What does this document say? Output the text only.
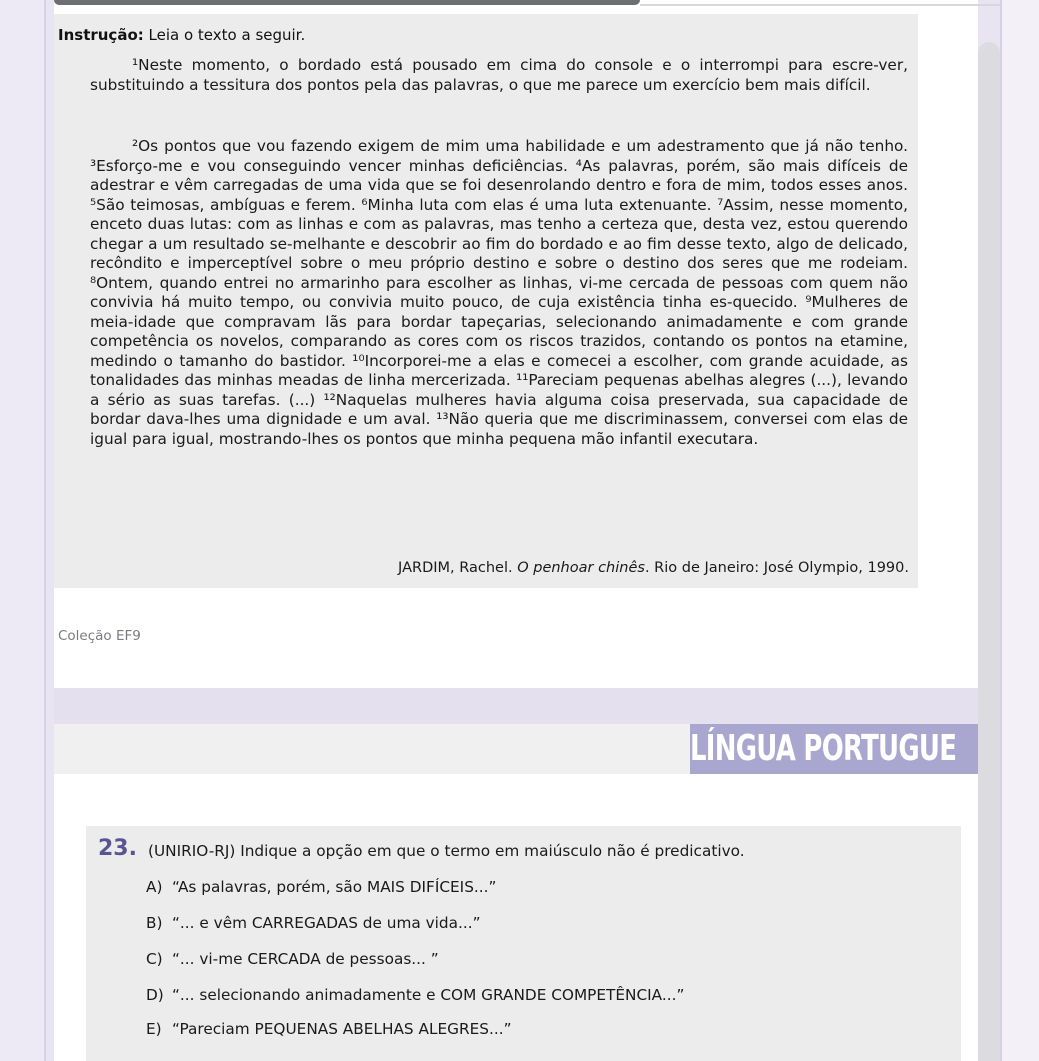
Instrução: Leia o texto a seguir.
¹Neste momento, o bordado está pousado em cima do console e o interrompi para escre-ver, substituindo a tessitura dos pontos pela das palavras, o que me parece um exercício bem mais difícil.
²Os pontos que vou fazendo exigem de mim uma habilidade e um adestramento que já não tenho. ³Esforço-me e vou conseguindo vencer minhas deficiências. ⁴As palavras, porém, são mais difíceis de adestrar e vêm carregadas de uma vida que se foi desenrolando dentro e fora de mim, todos esses anos. ⁵São teimosas, ambíguas e ferem. ⁶Minha luta com elas é uma luta extenuante. ⁷Assim, nesse momento, enceto duas lutas: com as linhas e com as palavras, mas tenho a certeza que, desta vez, estou querendo chegar a um resultado se-melhante e descobrir ao fim do bordado e ao fim desse texto, algo de delicado, recôndito e imperceptível sobre o meu próprio destino e sobre o destino dos seres que me rodeiam. ⁸Ontem, quando entrei no armarinho para escolher as linhas, vi-me cercada de pessoas com quem não convivia há muito tempo, ou convivia muito pouco, de cuja existência tinha es-quecido. ⁹Mulheres de meia-idade que compravam lãs para bordar tapeçarias, selecionando animadamente e com grande competência os novelos, comparando as cores com os riscos trazidos, contando os pontos na etamine, medindo o tamanho do bastidor. ¹⁰Incorporei-me a elas e comecei a escolher, com grande acuidade, as tonalidades das minhas meadas de linha mercerizada. ¹¹Pareciam pequenas abelhas alegres (...), levando a sério as suas tarefas. (...) ¹²Naquelas mulheres havia alguma coisa preservada, sua capacidade de bordar dava-lhes uma dignidade e um aval. ¹³Não queria que me discriminassem, conversei com elas de igual para igual, mostrando-lhes os pontos que minha pequena mão infantil executara.
JARDIM, Rachel. O penhoar chinês. Rio de Janeiro: José Olympio, 1990.
Coleção EF9
LÍNGUA PORTUGUE
23. (UNIRIO-RJ) Indique a opção em que o termo em maiúsculo não é predicativo.
A) “As palavras, porém, são MAIS DIFÍCEIS...”
B) “... e vêm CARREGADAS de uma vida...”
C) “... vi-me CERCADA de pessoas... ”
D) “... selecionando animadamente e COM GRANDE COMPETÊNCIA...”
E) “Pareciam PEQUENAS ABELHAS ALEGRES...”
